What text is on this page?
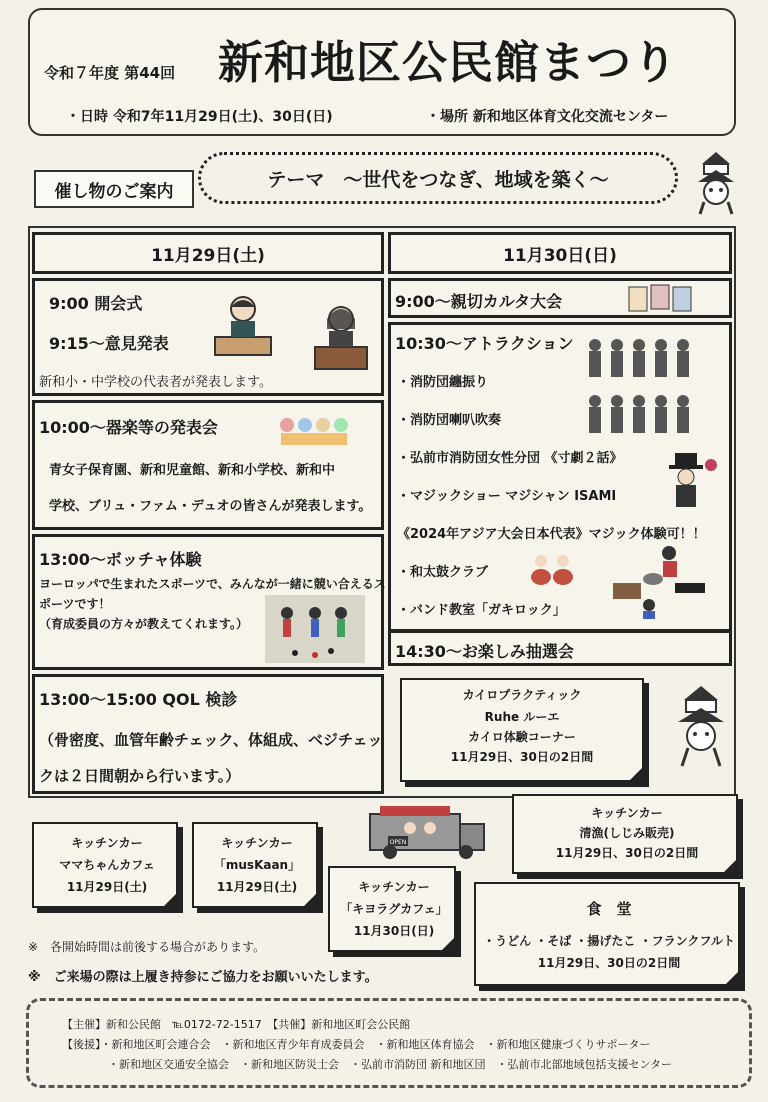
令和７年度 第44回 新和地区公民館まつり
・日時 令和7年11月29日(土)、30日(日)	・場所 新和地区体育文化交流センター
催し物のご案内
テーマ　～世代をつなぎ、地域を築く～
11月29日(土)
9:00 開会式
9:15～意見発表
新和小・中学校の代表者が発表します。
10:00～器楽等の発表会
青女子保育園、新和児童館、新和小学校、新和中
学校、ブリュ・ファム・デュオの皆さんが発表します。
13:00～ボッチャ体験
ヨーロッパで生まれたスポーツで、みんなが一緒に競い合えるス
ポーツです！
（育成委員の方々が教えてくれます。）
13:00～15:00 QOL 検診
（骨密度、血管年齢チェック、体組成、ベジチェッ
クは２日間朝から行います。）
11月30日(日)
9:00～親切カルタ大会
10:30～アトラクション
・消防団纏振り
・消防団喇叭吹奏
・弘前市消防団女性分団 《寸劇２話》
・マジックショー マジシャン ISAMI
《2024年アジア大会日本代表》マジック体験可！！
・和太鼓クラブ
・バンド教室「ガキロック」
14:30～お楽しみ抽選会
カイロプラクティック
Ruhe ルーエ
カイロ体験コーナー
11月29日、30日の2日間
キッチンカー
ママちゃんカフェ
11月29日(土)
キッチンカー
「musKaan」
11月29日(土)
OPEN
キッチンカー
「キヨラグカフェ」
11月30日(日)
キッチンカー
清漁(しじみ販売)
11月29日、30日の2日間
食　堂
・うどん ・そば ・揚げたこ ・フランクフルト
11月29日、30日の2日間
※　各開始時間は前後する場合があります。
※　ご来場の際は上履き持参にご協力をお願いいたします。
【主催】新和公民館　℡0172-72-1517　【共催】新和地区町会公民館
【後援】・新和地区町会連合会　・新和地区青少年育成委員会　・新和地区体育協会　・新和地区健康づくりサポーター
・新和地区交通安全協会　・新和地区防災士会　・弘前市消防団 新和地区団　・弘前市北部地域包括支援センター
